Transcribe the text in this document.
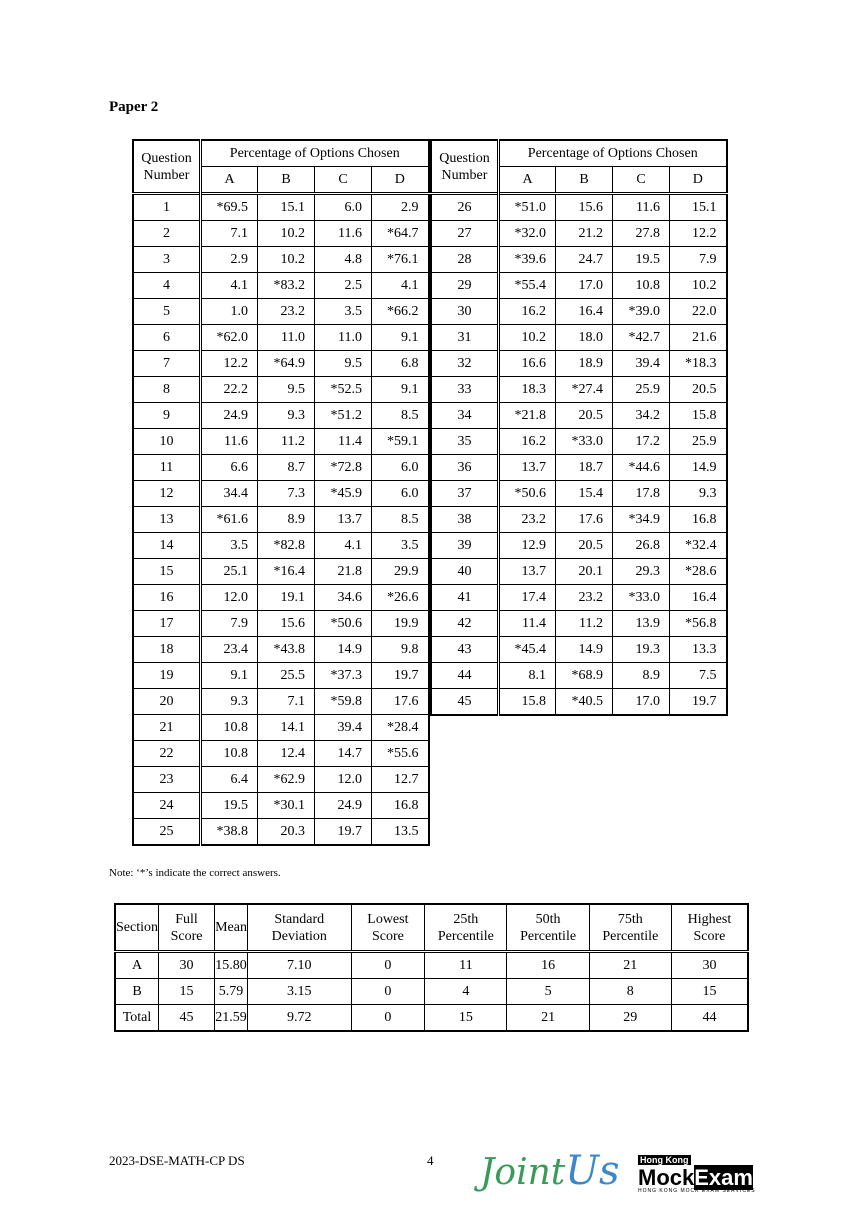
Paper 2
Question Number	Percentage of Options Chosen			
	A	B	C	D
1	*69.5	15.1	6.0	2.9
2	7.1	10.2	11.6	*64.7
3	2.9	10.2	4.8	*76.1
4	4.1	*83.2	2.5	4.1
5	1.0	23.2	3.5	*66.2
6	*62.0	11.0	11.0	9.1
7	12.2	*64.9	9.5	6.8
8	22.2	9.5	*52.5	9.1
9	24.9	9.3	*51.2	8.5
10	11.6	11.2	11.4	*59.1
11	6.6	8.7	*72.8	6.0
12	34.4	7.3	*45.9	6.0
13	*61.6	8.9	13.7	8.5
14	3.5	*82.8	4.1	3.5
15	25.1	*16.4	21.8	29.9
16	12.0	19.1	34.6	*26.6
17	7.9	15.6	*50.6	19.9
18	23.4	*43.8	14.9	9.8
19	9.1	25.5	*37.3	19.7
20	9.3	7.1	*59.8	17.6
21	10.8	14.1	39.4	*28.4
22	10.8	12.4	14.7	*55.6
23	6.4	*62.9	12.0	12.7
24	19.5	*30.1	24.9	16.8
25	*38.8	20.3	19.7	13.5
Question Number	Percentage of Options Chosen			
	A	B	C	D
26	*51.0	15.6	11.6	15.1
27	*32.0	21.2	27.8	12.2
28	*39.6	24.7	19.5	7.9
29	*55.4	17.0	10.8	10.2
30	16.2	16.4	*39.0	22.0
31	10.2	18.0	*42.7	21.6
32	16.6	18.9	39.4	*18.3
33	18.3	*27.4	25.9	20.5
34	*21.8	20.5	34.2	15.8
35	16.2	*33.0	17.2	25.9
36	13.7	18.7	*44.6	14.9
37	*50.6	15.4	17.8	9.3
38	23.2	17.6	*34.9	16.8
39	12.9	20.5	26.8	*32.4
40	13.7	20.1	29.3	*28.6
41	17.4	23.2	*33.0	16.4
42	11.4	11.2	13.9	*56.8
43	*45.4	14.9	19.3	13.3
44	8.1	*68.9	8.9	7.5
45	15.8	*40.5	17.0	19.7
Note: ‘*’s indicate the correct answers.
Section	Full Score	Mean	Standard Deviation	Lowest Score	25th Percentile	50th Percentile	75th Percentile	Highest Score
A	30	15.80	7.10	0	11	16	21	30
B	15	5.79	3.15	0	4	5	8	15
Total	45	21.59	9.72	0	15	21	29	44
2023-DSE-MATH-CP DS	4 JointUs Hong Kong
MockExam
HONG KONG MOCK EXAM SERVICES
